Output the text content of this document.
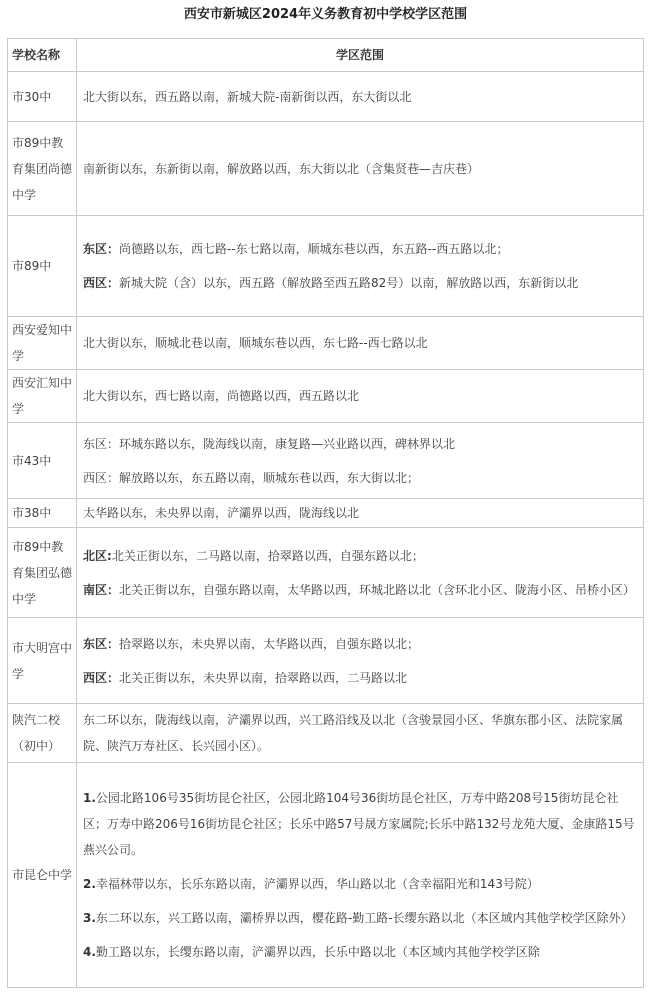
西安市新城区2024年义务教育初中学校学区范围
学校名称	学区范围
市30中	北大街以东，西五路以南，新城大院-南新街以西，东大街以北

市89中教育集团尚德中学	南新街以东，东新街以南，解放路以西，东大街以北（含集贤巷—吉庆巷）

市89中	东区：尚德路以东，西七路--东七路以南，顺城东巷以西，东五路--西五路以北；

西区：新城大院（含）以东，西五路（解放路至西五路82号）以南，解放路以西，东新街以北

西安爱知中学	北大街以东，顺城北巷以南，顺城东巷以西，东七路--西七路以北

西安汇知中学	北大街以东，西七路以南，尚德路以西，西五路以北

市43中	东区：环城东路以东，陇海线以南，康复路—兴业路以西，碑林界以北

西区：解放路以东，东五路以南，顺城东巷以西，东大街以北；

市38中	太华路以东，未央界以南，浐灞界以西，陇海线以北

市89中教育集团弘德中学	北区:北关正街以东，二马路以南，拾翠路以西，自强东路以北；

南区：北关正街以东，自强东路以南，太华路以西，环城北路以北（含环北小区、陇海小区、吊桥小区）

市大明宫中学	东区：拾翠路以东，未央界以南，太华路以西，自强东路以北；

西区：北关正街以东，未央界以南，拾翠路以西，二马路以北

陕汽二校（初中）	东二环以东，陇海线以南，浐灞界以西，兴工路沿线及以北（含骏景园小区、华旗东郡小区、法院家属院、陕汽万寿社区、长兴园小区）。

市昆仑中学	1.公园北路106号35街坊昆仑社区，公园北路104号36街坊昆仑社区，万寿中路208号15街坊昆仑社区；万寿中路206号16街坊昆仑社区；长乐中路57号晟方家属院;长乐中路132号龙苑大厦、金康路15号燕兴公司。

2.幸福林带以东，长乐东路以南，浐灞界以西，华山路以北（含幸福阳光和143号院）

3.东二环以东，兴工路以南，灞桥界以西，樱花路-勤工路-长缨东路以北（本区域内其他学校学区除外）

4.勤工路以东，长缨东路以南，浐灞界以西，长乐中路以北（本区域内其他学校学区除
